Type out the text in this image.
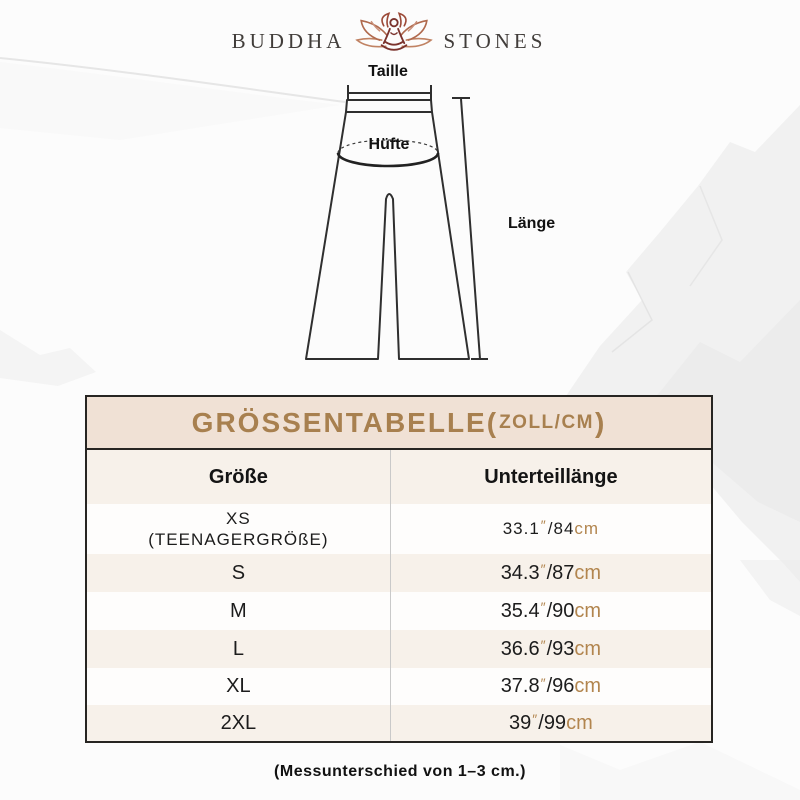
BUDDHA	STONES
Taille
Hüfte
Länge
GRÖSSENTABELLE ( ZOLL/CM )
Größe	Unterteillänge
XS
(TEENAGERGRÖßE)
33.1 ″ / 84 cm
S	34.3 ″ / 87 cm
M	35.4 ″ / 90 cm
L	36.6 ″ / 93 cm
XL	37.8 ″ / 96 cm
2XL	39 ″ / 99 cm
(Messunterschied von 1–3 cm.)
